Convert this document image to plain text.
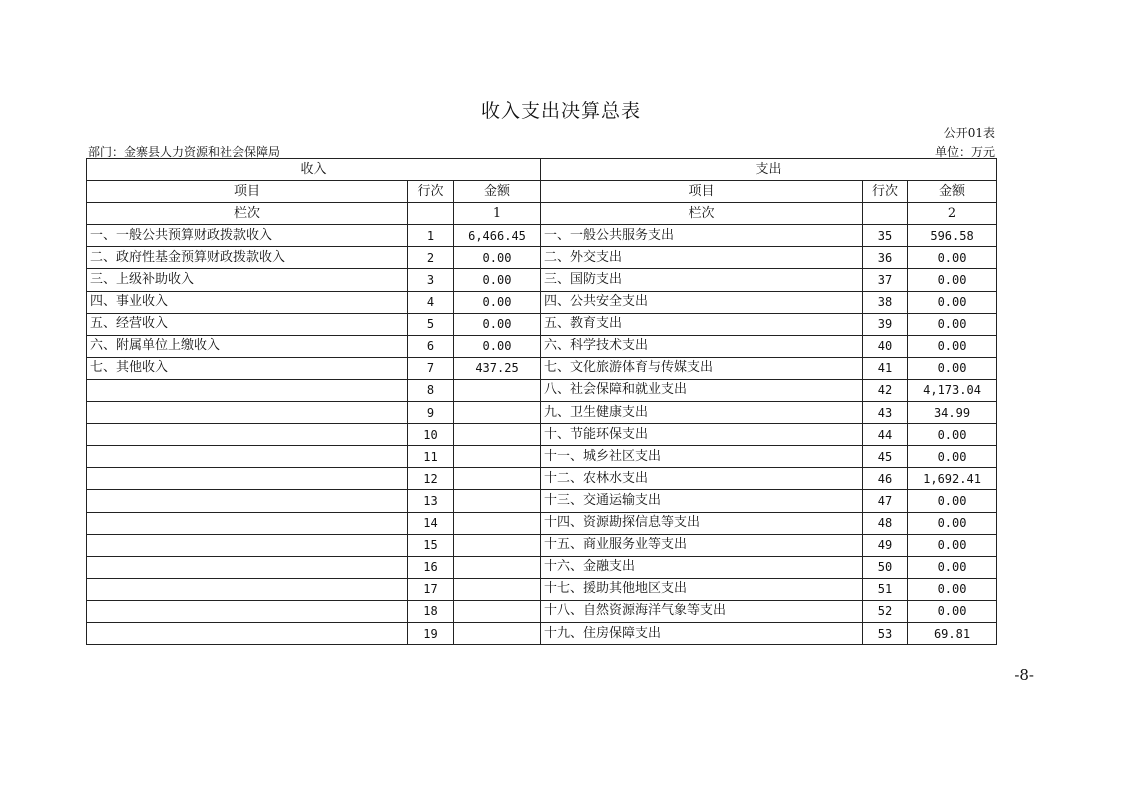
收入支出决算总表
公开01表
部门：金寨县人力资源和社会保障局	单位：万元
收入			支出		
项目	行次	金额	项目	行次	金额
栏次		1	栏次		2
一、一般公共预算财政拨款收入	1	6,466.45	一、一般公共服务支出	35	596.58
二、政府性基金预算财政拨款收入	2	0.00	二、外交支出	36	0.00
三、上级补助收入	3	0.00	三、国防支出	37	0.00
四、事业收入	4	0.00	四、公共安全支出	38	0.00
五、经营收入	5	0.00	五、教育支出	39	0.00
六、附属单位上缴收入	6	0.00	六、科学技术支出	40	0.00
七、其他收入	7	437.25	七、文化旅游体育与传媒支出	41	0.00
	8		八、社会保障和就业支出	42	4,173.04
	9		九、卫生健康支出	43	34.99
	10		十、节能环保支出	44	0.00
	11		十一、城乡社区支出	45	0.00
	12		十二、农林水支出	46	1,692.41
	13		十三、交通运输支出	47	0.00
	14		十四、资源勘探信息等支出	48	0.00
	15		十五、商业服务业等支出	49	0.00
	16		十六、金融支出	50	0.00
	17		十七、援助其他地区支出	51	0.00
	18		十八、自然资源海洋气象等支出	52	0.00
	19		十九、住房保障支出	53	69.81
-8-
